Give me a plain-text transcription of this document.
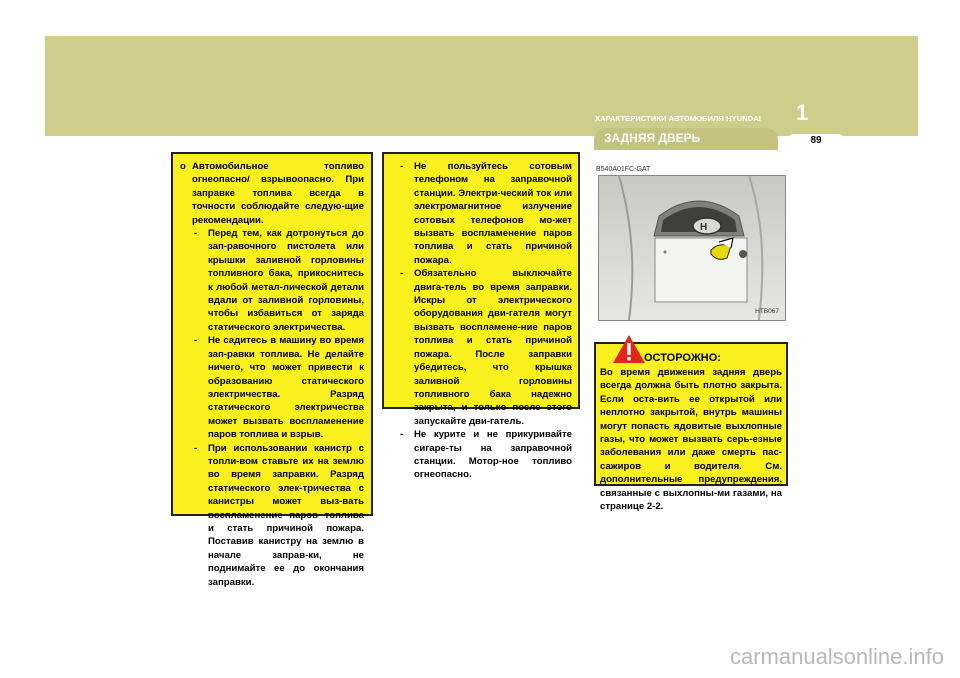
ХАРАКТЕРИСТИКИ АВТОМОБИЛЯ HYUNDAI 1
ЗАДНЯЯ ДВЕРЬ	89
o Автомобильное топливо огнеопасно/ взрывоопасно. При заправке топлива всегда в точности соблюдайте следую-щие рекомендации.
-	Перед тем, как дотронуться до зап-равочного пистолета или крышки заливной горловины топливного бака, прикоснитесь к любой метал-лической детали вдали от заливной горловины, чтобы избавиться от заряда статического электричества.
-	Не садитесь в машину во время зап-равки топлива. Не делайте ничего, что может привести к образованию статического электричества. Разряд статического электричества может вызвать воспламенение паров топлива и взрыв.
-	При использовании канистр с топли-вом ставьте их на землю во время заправки. Разряд статического элек-тричества с канистры может выз-вать воспламенение паров топлива и стать причиной пожара. Поставив канистру на землю в начале заправ-ки, не поднимайте ее до окончания заправки.
-	Не пользуйтесь сотовым телефоном на заправочной станции. Электри-ческий ток или электромагнитное излучение сотовых телефонов мо-жет вызвать воспламенение паров топлива и стать причиной пожара.
-	Обязательно выключайте двига-тель во время заправки. Искры от электрического оборудования дви-гателя могут вызвать воспламене-ние паров топлива и стать причиной пожара. После заправки убедитесь, что крышка заливной горловины топливного бака надежно закрыта, и только после этого запускайте дви-гатель.
-	Не курите и не прикуривайте сигаре-ты на заправочной станции. Мотор-ное топливо огнеопасно.
B540A01FC-GAT
H
HTB067
ОСТОРОЖНО:
Во время движения задняя дверь всегда должна быть плотно закрыта. Если оста-вить ее открытой или неплотно закрытой, внутрь машины могут попасть ядовитые выхлопные газы, что может вызвать серь-езные заболевания или даже смерть пас-сажиров и водителя. См. дополнительные предупреждения, связанные с выхлопны-ми газами, на странице 2-2.
carmanualsonline.info
